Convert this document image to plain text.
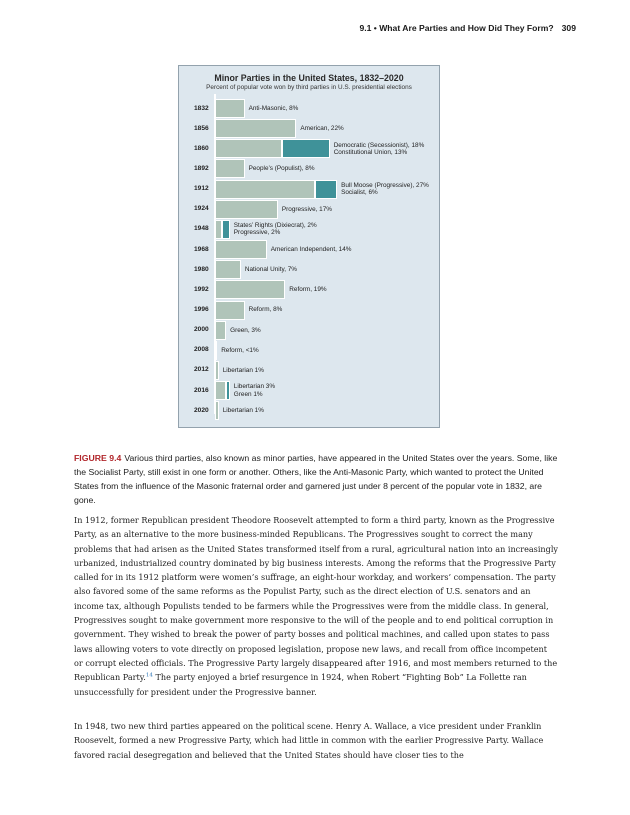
9.1 • What Are Parties and How Did They Form? 309
Minor Parties in the United States, 1832–2020
Percent of popular vote won by third parties in U.S. presidential elections
1832	Anti-Masonic, 8%
1856	American, 22%
1860	Democratic (Secessionist), 18%
Constitutional Union, 13%
1892	People’s (Populist), 8%
1912	Bull Moose (Progressive), 27%
Socialist, 6%
1924	Progressive, 17%
1948	States’ Rights (Dixiecrat), 2%
Progressive, 2%
1968	American Independent, 14%
1980	National Unity, 7%
1992	Reform, 19%
1996	Reform, 8%
2000	Green, 3%
2008 Reform, <1%
2012 Libertarian 1%
2016	Libertarian 3%
Green 1%
2020 Libertarian 1%
FIGURE 9.4 Various third parties, also known as minor parties, have appeared in the United States over the years. Some, like the Socialist Party, still exist in one form or another. Others, like the Anti-Masonic Party, which wanted to protect the United States from the influence of the Masonic fraternal order and garnered just under 8 percent of the popular vote in 1832, are gone.

In 1912, former Republican president Theodore Roosevelt attempted to form a third party, known as the Progressive Party, as an alternative to the more business-minded Republicans. The Progressives sought to correct the many problems that had arisen as the United States transformed itself from a rural, agricultural nation into an increasingly urbanized, industrialized country dominated by big business interests. Among the reforms that the Progressive Party called for in its 1912 platform were women’s suffrage, an eight-hour workday, and workers’ compensation. The party also favored some of the same reforms as the Populist Party, such as the direct election of U.S. senators and an income tax, although Populists tended to be farmers while the Progressives were from the middle class. In general, Progressives sought to make government more responsive to the will of the people and to end political corruption in government. They wished to break the power of party bosses and political machines, and called upon states to pass laws allowing voters to vote directly on proposed legislation, propose new laws, and recall from office incompetent or corrupt elected officials. The Progressive Party largely disappeared after 1916, and most members returned to the Republican Party.$^{14}$ The party enjoyed a brief resurgence in 1924, when Robert “Fighting Bob” La Follette ran unsuccessfully for president under the Progressive banner.

In 1948, two new third parties appeared on the political scene. Henry A. Wallace, a vice president under Franklin Roosevelt, formed a new Progressive Party, which had little in common with the earlier Progressive Party. Wallace favored racial desegregation and believed that the United States should have closer ties to the
